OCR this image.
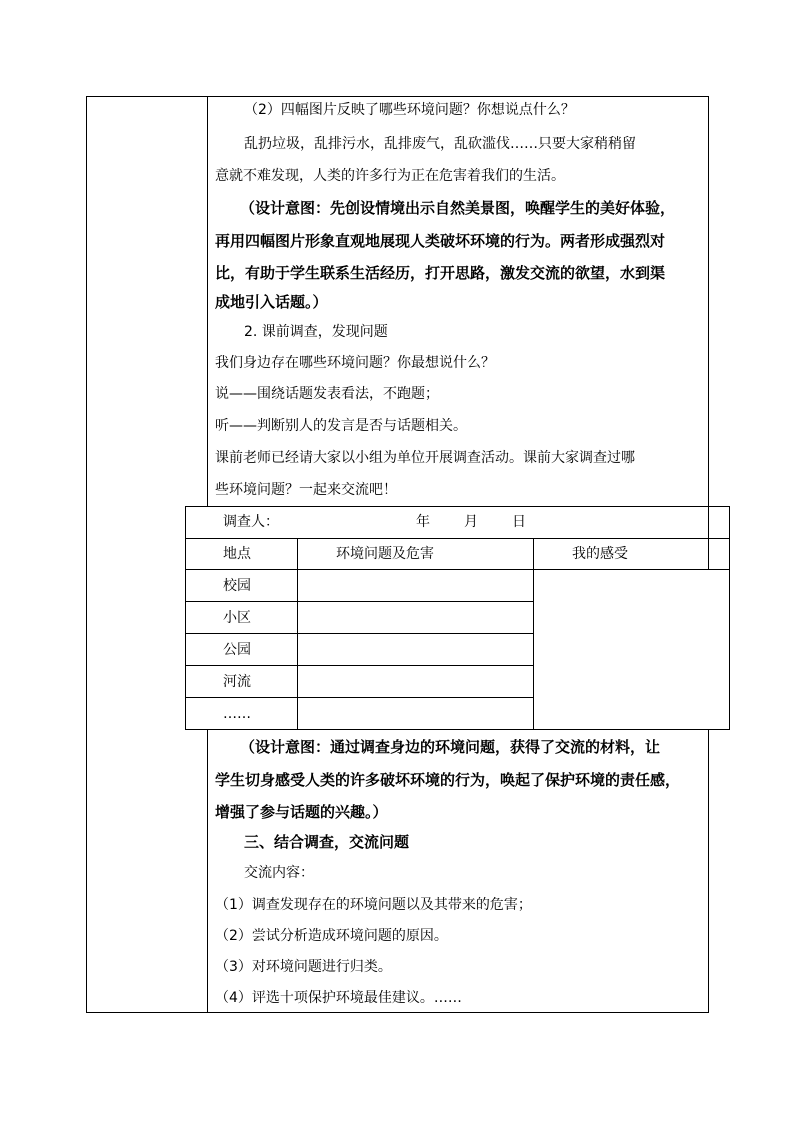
（2）四幅图片反映了哪些环境问题？你想说点什么？
乱扔垃圾，乱排污水，乱排废气，乱砍滥伐……只要大家稍稍留
意就不难发现，人类的许多行为正在危害着我们的生活。
（设计意图：先创设情境出示自然美景图，唤醒学生的美好体验，
再用四幅图片形象直观地展现人类破坏环境的行为。两者形成强烈对
比，有助于学生联系生活经历，打开思路，激发交流的欲望，水到渠
成地引入话题。）
2. 课前调查，发现问题
我们身边存在哪些环境问题？你最想说什么？
说——围绕话题发表看法，不跑题；
听——判断别人的发言是否与话题相关。
课前老师已经请大家以小组为单位开展调查活动。课前大家调查过哪
些环境问题？一起来交流吧！
调查人：	年 月 日
地点	环境问题及危害	我的感受
校园
小区
公园
河流
……
（设计意图：通过调查身边的环境问题，获得了交流的材料，让
学生切身感受人类的许多破坏环境的行为，唤起了保护环境的责任感，
增强了参与话题的兴趣。）
三、结合调查，交流问题
交流内容：
（1）调查发现存在的环境问题以及其带来的危害；
（2）尝试分析造成环境问题的原因。
（3）对环境问题进行归类。
（4）评选十项保护环境最佳建议。……
